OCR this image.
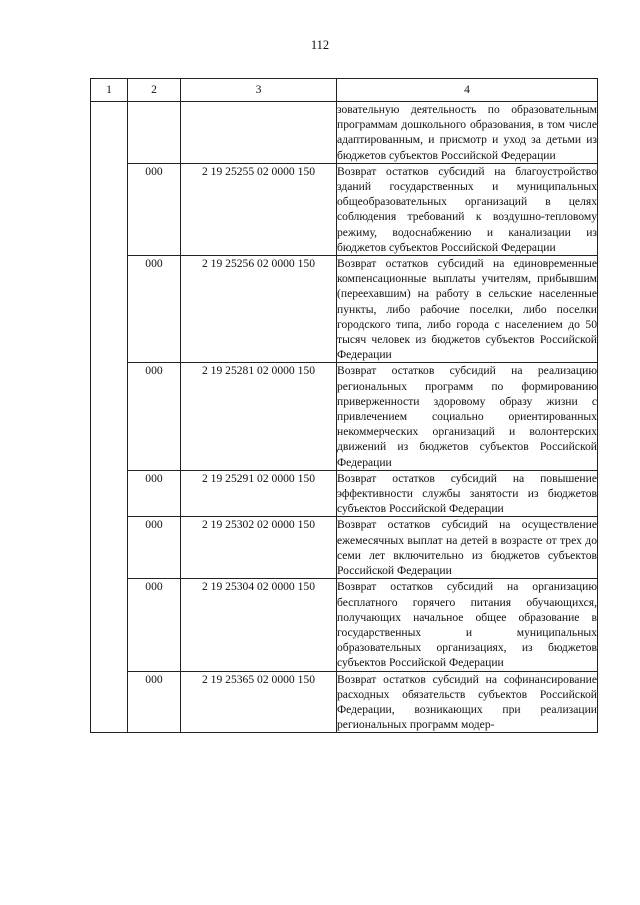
112
1	2	3	4
			зовательную деятельность по образовательным программам дошкольного образования, в том числе адаптированным, и присмотр и уход за детьми из бюджетов субъектов Российской Федерации
	000	2 19 25255 02 0000 150	Возврат остатков субсидий на благоустройство зданий государственных и муниципальных общеобразовательных организаций в целях соблюдения требований к воздушно-тепловому режиму, водоснабжению и канализации из бюджетов субъектов Российской Федерации
	000	2 19 25256 02 0000 150	Возврат остатков субсидий на единовременные компенсационные выплаты учителям, прибывшим (переехавшим) на работу в сельские населенные пункты, либо рабочие поселки, либо поселки городского типа, либо города с населением до 50 тысяч человек из бюджетов субъектов Российской Федерации
	000	2 19 25281 02 0000 150	Возврат остатков субсидий на реализацию региональных программ по формированию приверженности здоровому образу жизни с привлечением социально ориентированных некоммерческих организаций и волонтерских движений из бюджетов субъектов Российской Федерации
	000	2 19 25291 02 0000 150	Возврат остатков субсидий на повышение эффективности службы занятости из бюджетов субъектов Российской Федерации
	000	2 19 25302 02 0000 150	Возврат остатков субсидий на осуществление ежемесячных выплат на детей в возрасте от трех до семи лет включительно из бюджетов субъектов Российской Федерации
	000	2 19 25304 02 0000 150	Возврат остатков субсидий на организацию бесплатного горячего питания обучающихся, получающих начальное общее образование в государственных и муниципальных образовательных организациях, из бюджетов субъектов Российской Федерации
	000	2 19 25365 02 0000 150	Возврат остатков субсидий на софинансирование расходных обязательств субъектов Российской Федерации, возникающих при реализации региональных программ модер-
